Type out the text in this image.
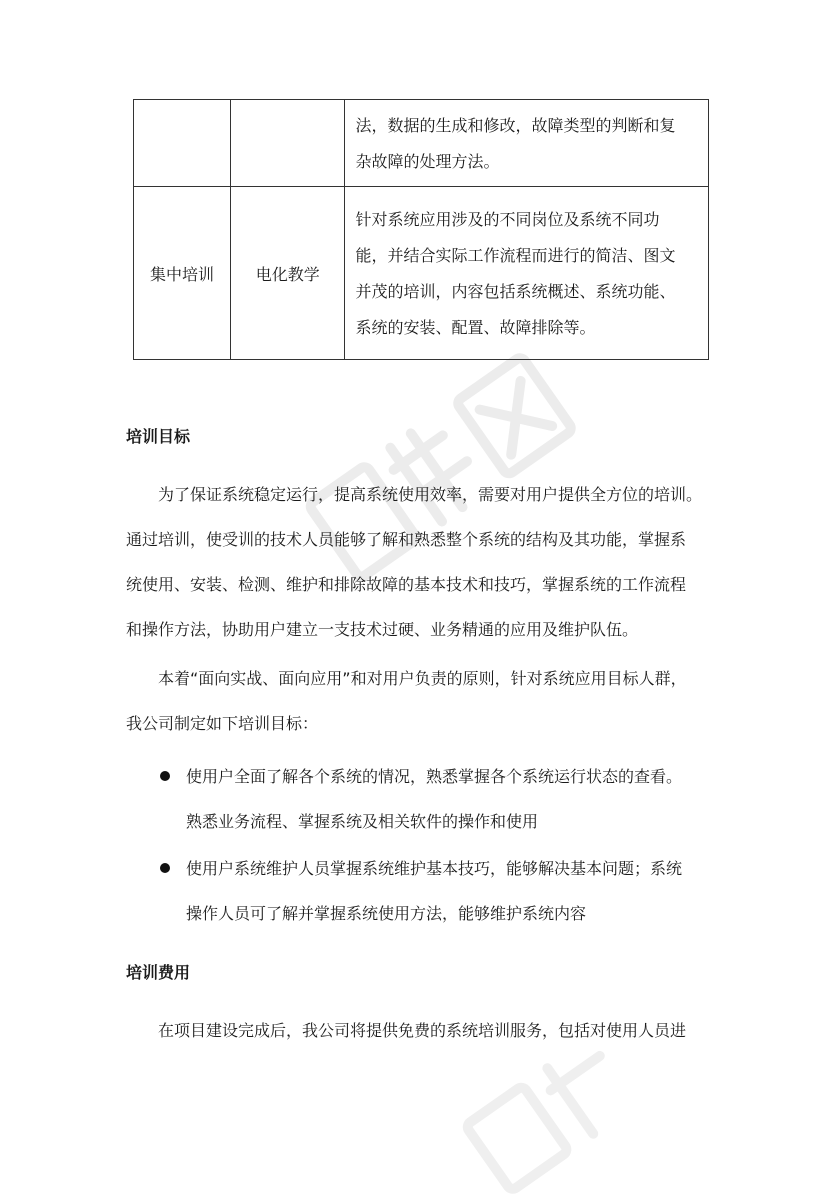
		法，数据的生成和修改，故障类型的判断和复
杂故障的处理方法。

集中培训	电化教学	针对系统应用涉及的不同岗位及系统不同功
能，并结合实际工作流程而进行的简洁、图文
并茂的培训，内容包括系统概述、系统功能、
系统的安装、配置、故障排除等。
培训目标
为了保证系统稳定运行，提高系统使用效率，需要对用户提供全方位的培训。
通过培训，使受训的技术人员能够了解和熟悉整个系统的结构及其功能，掌握系
统使用、安装、检测、维护和排除故障的基本技术和技巧，掌握系统的工作流程
和操作方法，协助用户建立一支技术过硬、业务精通的应用及维护队伍。
本着“面向实战、面向应用”和对用户负责的原则，针对系统应用目标人群，
我公司制定如下培训目标：
使用户全面了解各个系统的情况，熟悉掌握各个系统运行状态的查看。
熟悉业务流程、掌握系统及相关软件的操作和使用
使用户系统维护人员掌握系统维护基本技巧，能够解决基本问题；系统
操作人员可了解并掌握系统使用方法，能够维护系统内容
培训费用
在项目建设完成后，我公司将提供免费的系统培训服务，包括对使用人员进
